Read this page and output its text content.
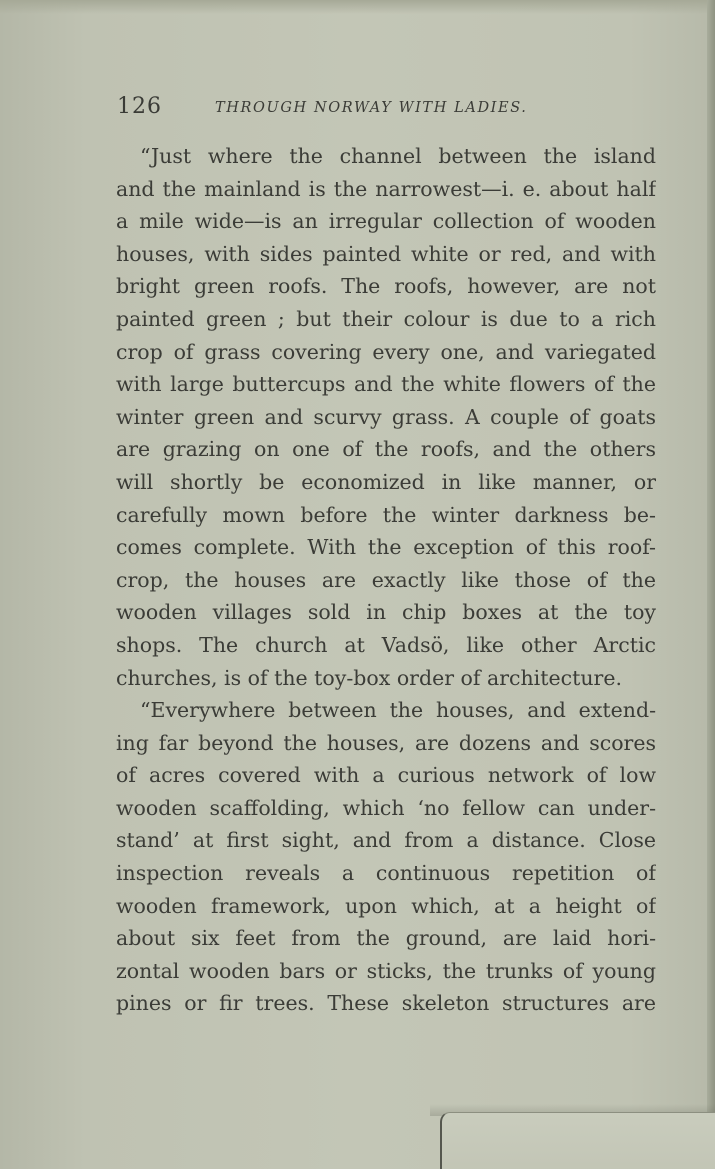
126	THROUGH NORWAY WITH LADIES.
“Just where the channel between the island
and the mainland is the narrowest—i. e. about half
a mile wide—is an irregular collection of wooden
houses, with sides painted white or red, and with
bright green roofs. The roofs, however, are not
painted green ; but their colour is due to a rich
crop of grass covering every one, and variegated
with large buttercups and the white flowers of the
winter green and scurvy grass. A couple of goats
are grazing on one of the roofs, and the others
will shortly be economized in like manner, or
carefully mown before the winter darkness be-
comes complete. With the exception of this roof-
crop, the houses are exactly like those of the
wooden villages sold in chip boxes at the toy
shops. The church at Vadsö, like other Arctic
churches, is of the toy-box order of architecture.
“Everywhere between the houses, and extend-
ing far beyond the houses, are dozens and scores
of acres covered with a curious network of low
wooden scaffolding, which ‘no fellow can under-
stand’ at first sight, and from a distance. Close
inspection reveals a continuous repetition of
wooden framework, upon which, at a height of
about six feet from the ground, are laid hori-
zontal wooden bars or sticks, the trunks of young
pines or fir trees. These skeleton structures are
